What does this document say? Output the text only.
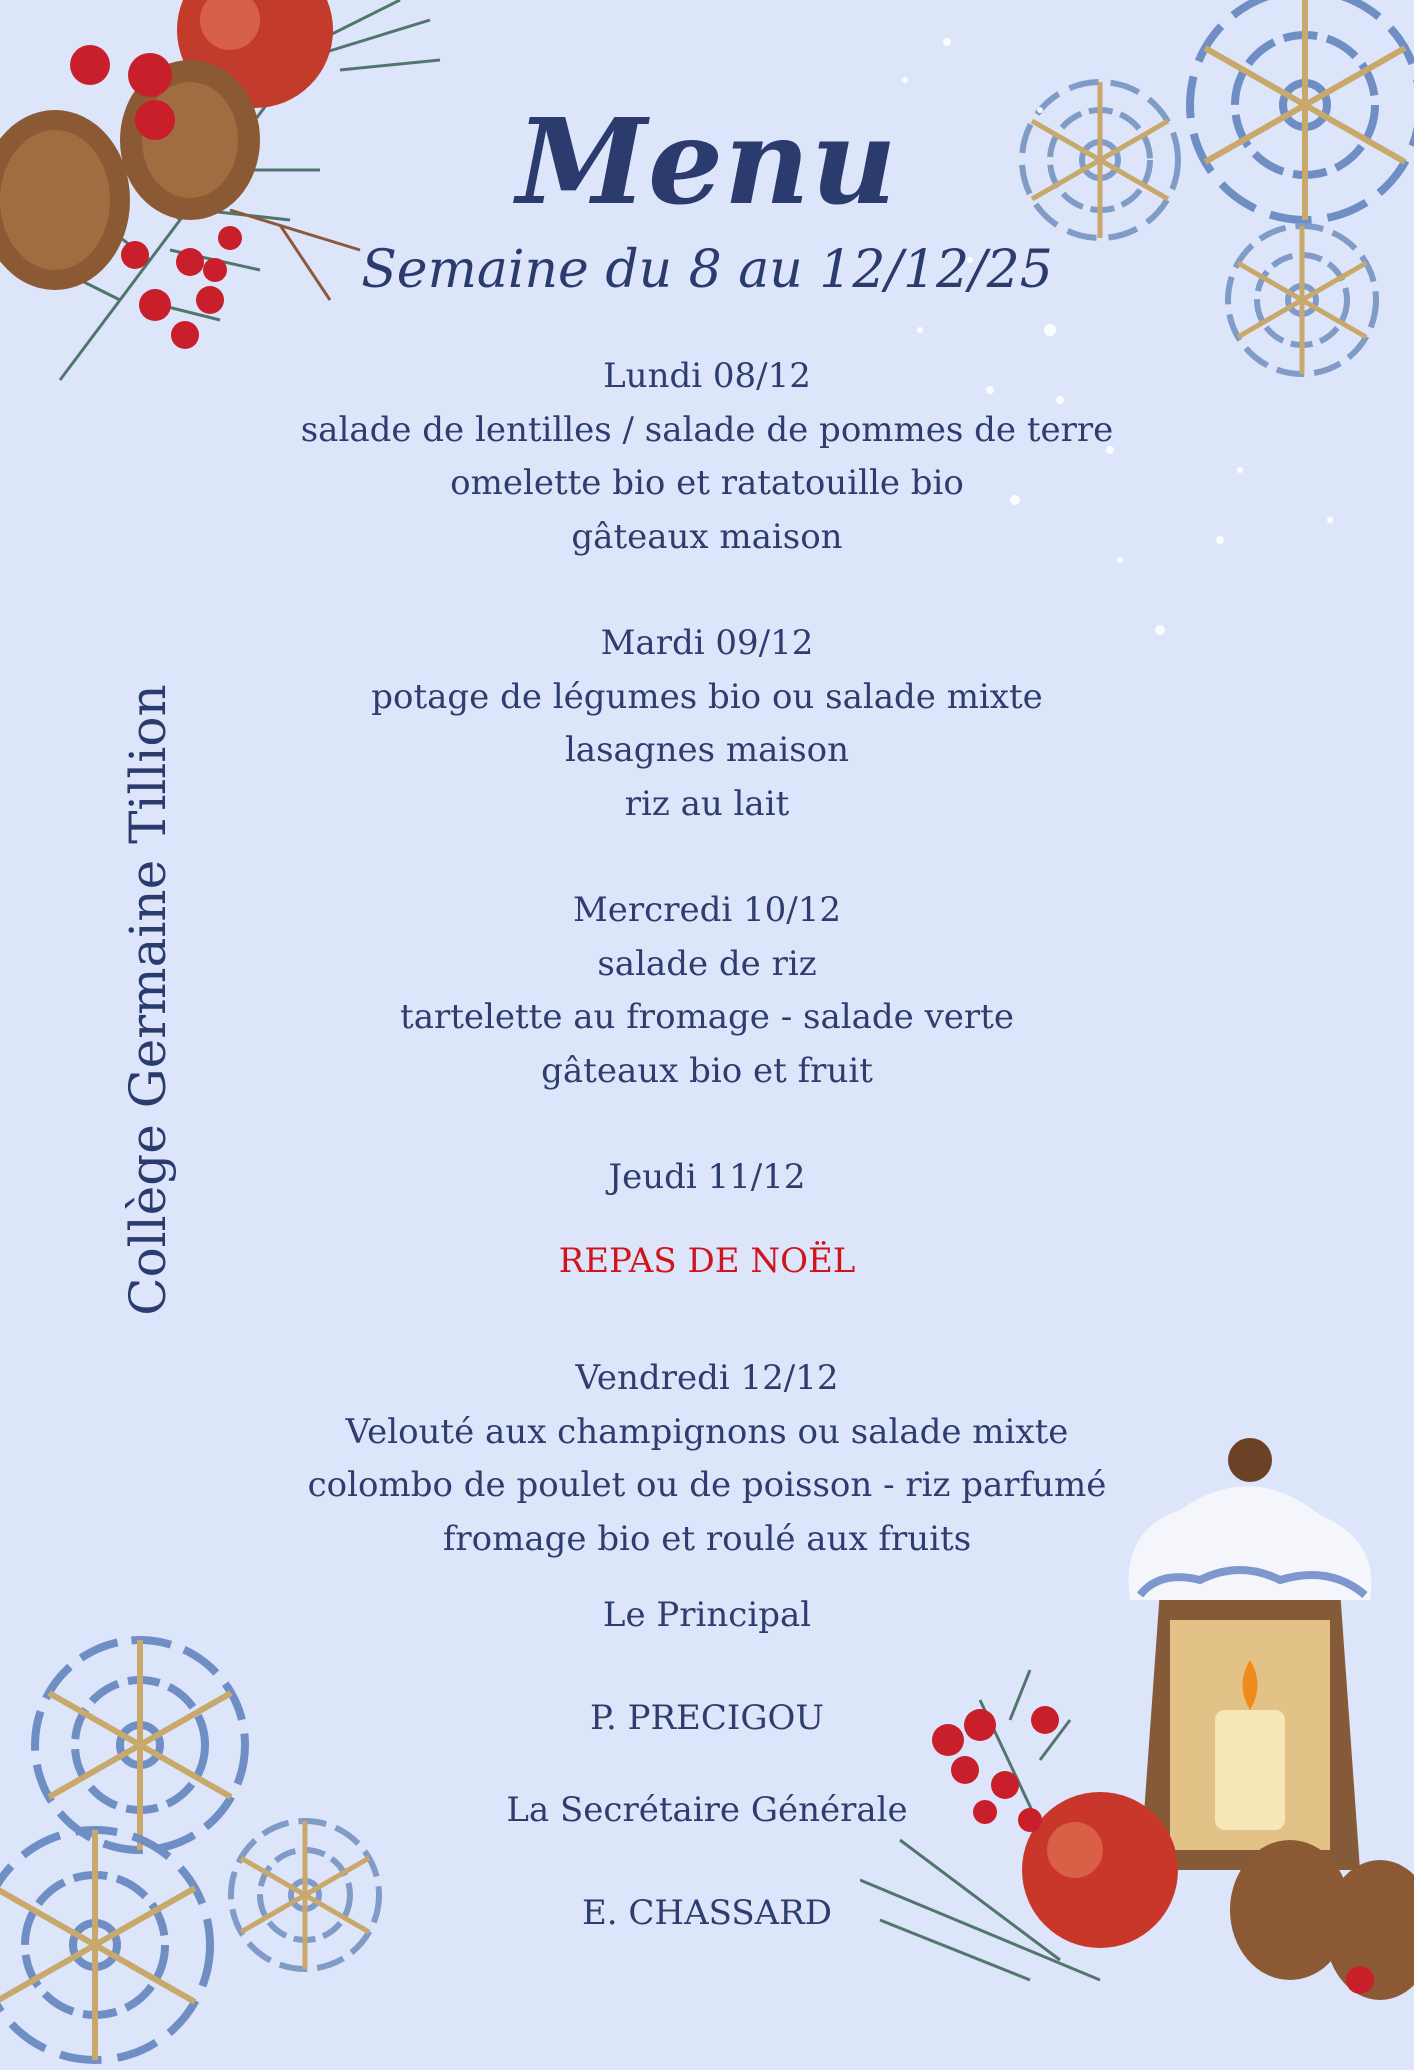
Menu
Semaine du 8 au 12/12/25
Collège Germaine Tillion
Lundi 08/12
salade de lentilles / salade de pommes de terre
omelette bio et ratatouille bio
gâteaux maison
Mardi 09/12
potage de légumes bio ou salade mixte
lasagnes maison
riz au lait
Mercredi 10/12
salade de riz
tartelette au fromage - salade verte
gâteaux bio et fruit
Jeudi 11/12
REPAS DE NOËL
Vendredi 12/12
Velouté aux champignons ou salade mixte
colombo de poulet ou de poisson - riz parfumé
fromage bio et roulé aux fruits
Le Principal
P. PRECIGOU
La Secrétaire Générale
E. CHASSARD
